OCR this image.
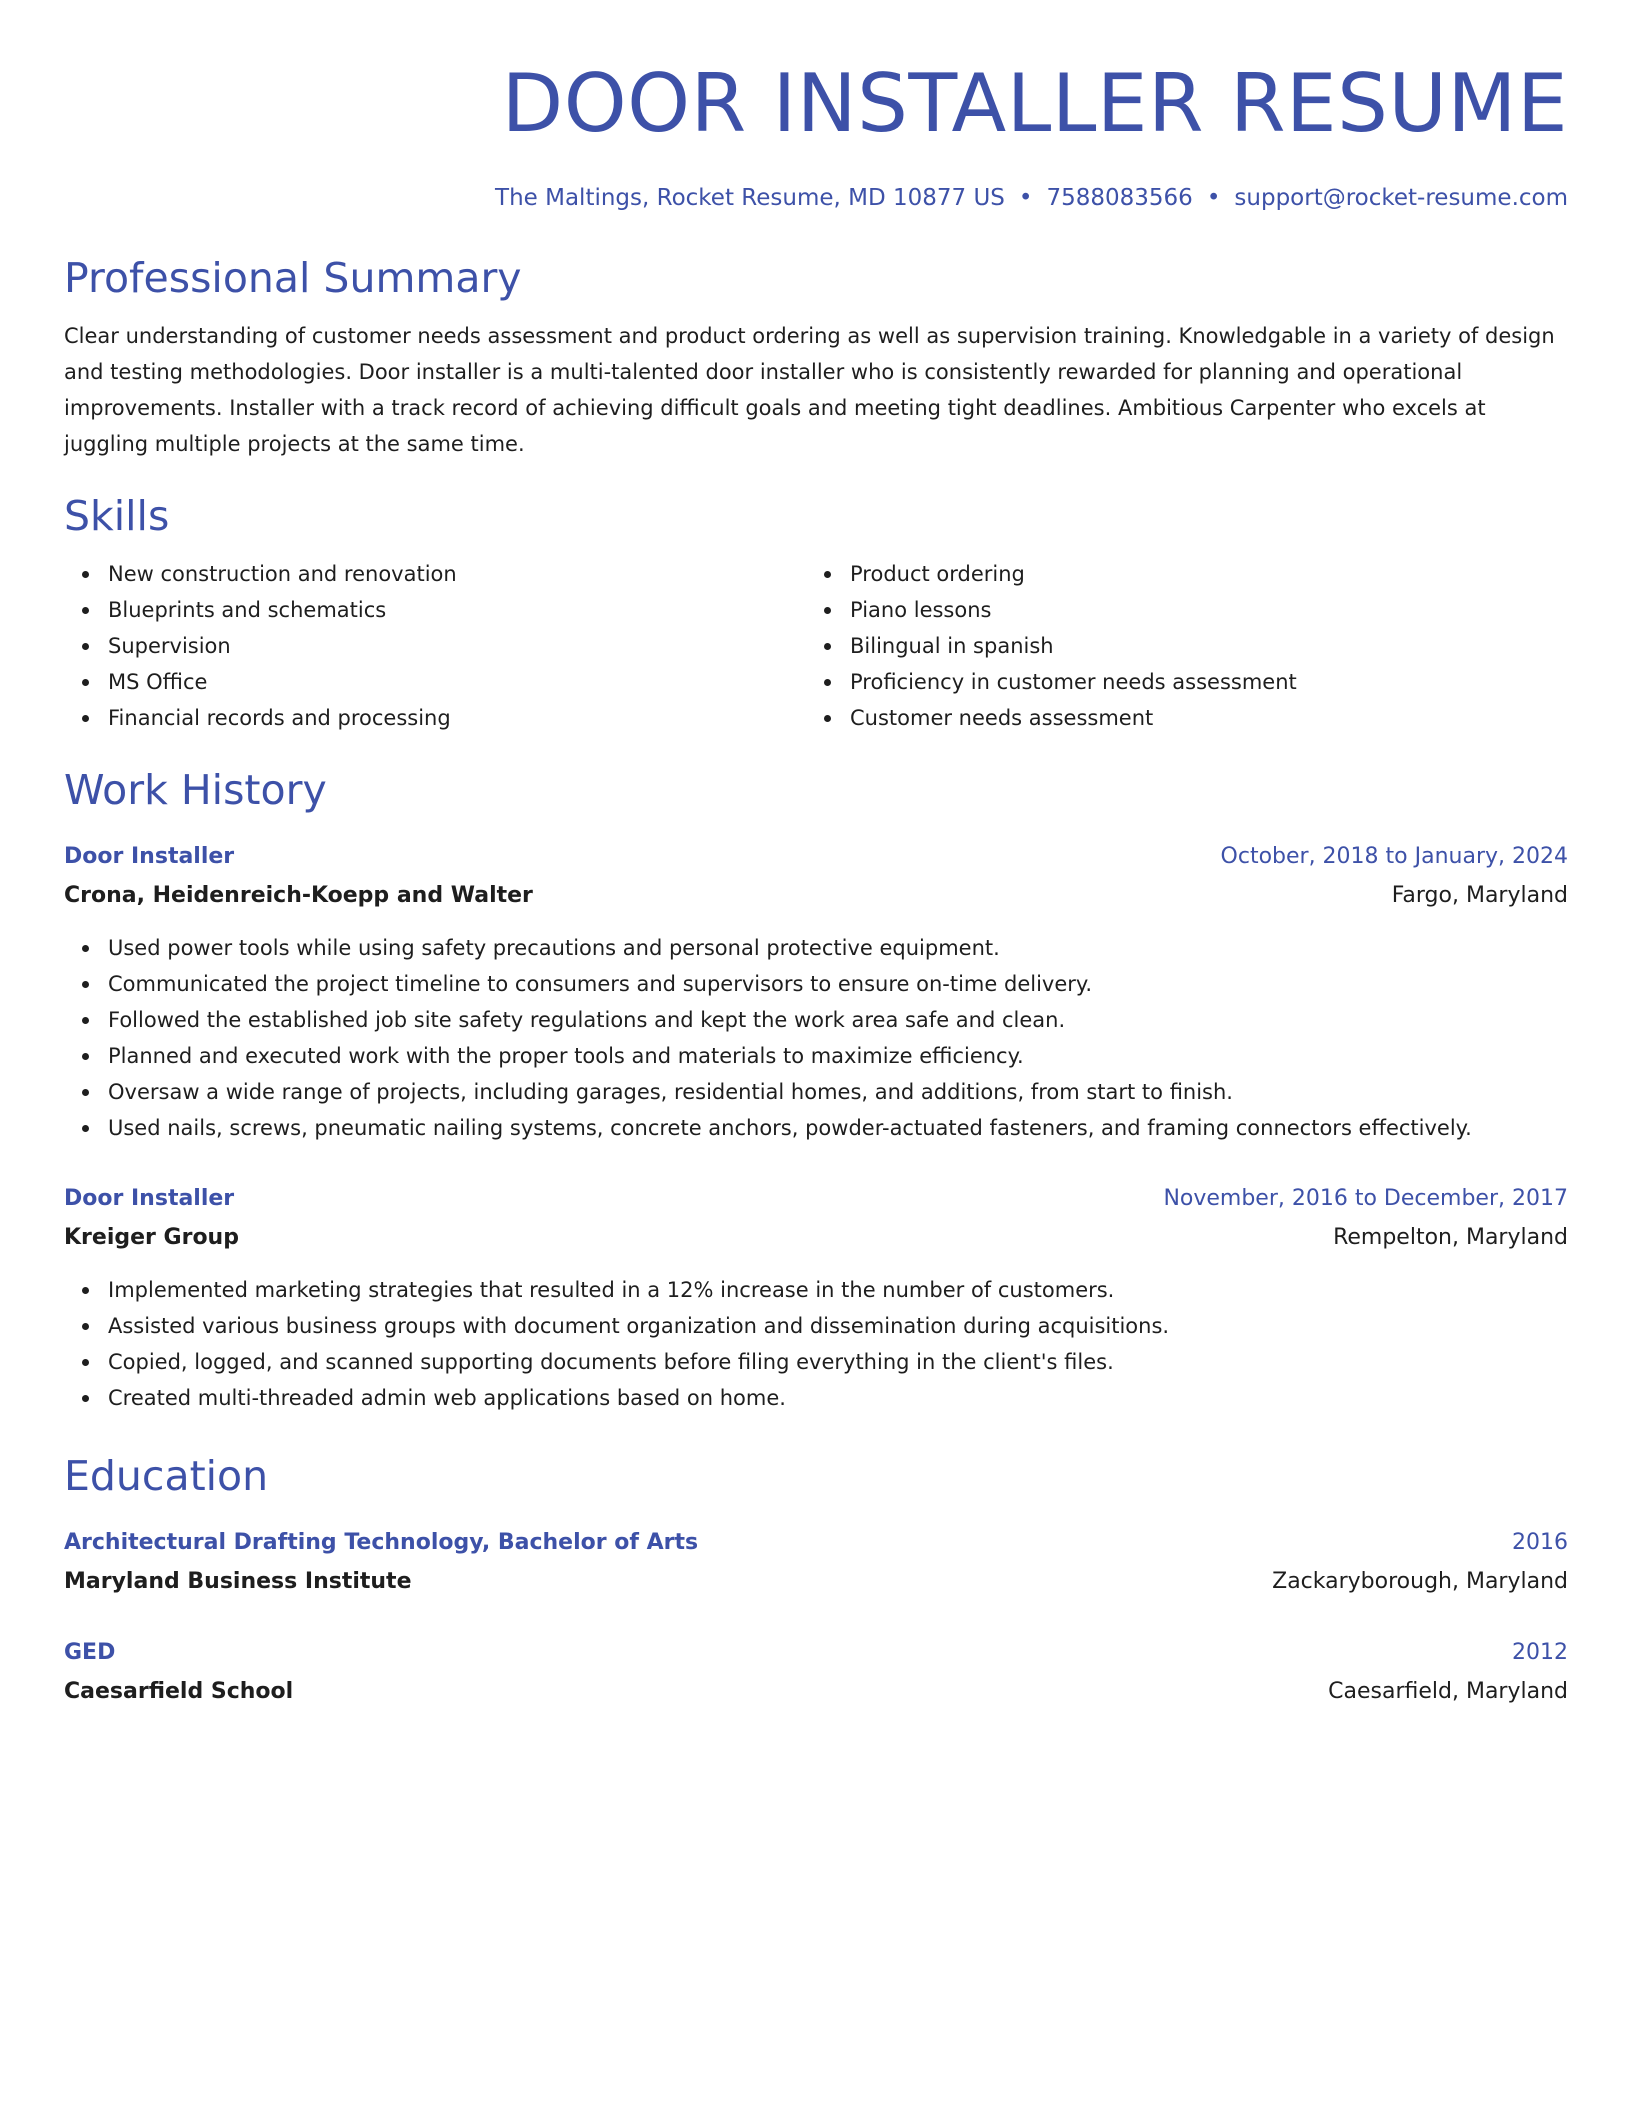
DOOR INSTALLER RESUME
The Maltings, Rocket Resume, MD 10877 US • 7588083566 • support@rocket-resume.com
Professional Summary
Clear understanding of customer needs assessment and product ordering as well as supervision training. Knowledgable in a variety of design and testing methodologies. Door installer is a multi-talented door installer who is consistently rewarded for planning and operational improvements. Installer with a track record of achieving difficult goals and meeting tight deadlines. Ambitious Carpenter who excels at juggling multiple projects at the same time.
Skills
New construction and renovation
Blueprints and schematics
Supervision
MS Office
Financial records and processing
Product ordering
Piano lessons
Bilingual in spanish
Proficiency in customer needs assessment
Customer needs assessment
Work History
Door Installer	October, 2018 to January, 2024
Crona, Heidenreich-Koepp and Walter	Fargo, Maryland
Used power tools while using safety precautions and personal protective equipment.
Communicated the project timeline to consumers and supervisors to ensure on-time delivery.
Followed the established job site safety regulations and kept the work area safe and clean.
Planned and executed work with the proper tools and materials to maximize efficiency.
Oversaw a wide range of projects, including garages, residential homes, and additions, from start to finish.
Used nails, screws, pneumatic nailing systems, concrete anchors, powder-actuated fasteners, and framing connectors effectively.
Door Installer	November, 2016 to December, 2017
Kreiger Group	Rempelton, Maryland
Implemented marketing strategies that resulted in a 12% increase in the number of customers.
Assisted various business groups with document organization and dissemination during acquisitions.
Copied, logged, and scanned supporting documents before filing everything in the client's files.
Created multi-threaded admin web applications based on home.
Education
Architectural Drafting Technology, Bachelor of Arts	2016
Maryland Business Institute	Zackaryborough, Maryland
GED	2012
Caesarfield School	Caesarfield, Maryland
